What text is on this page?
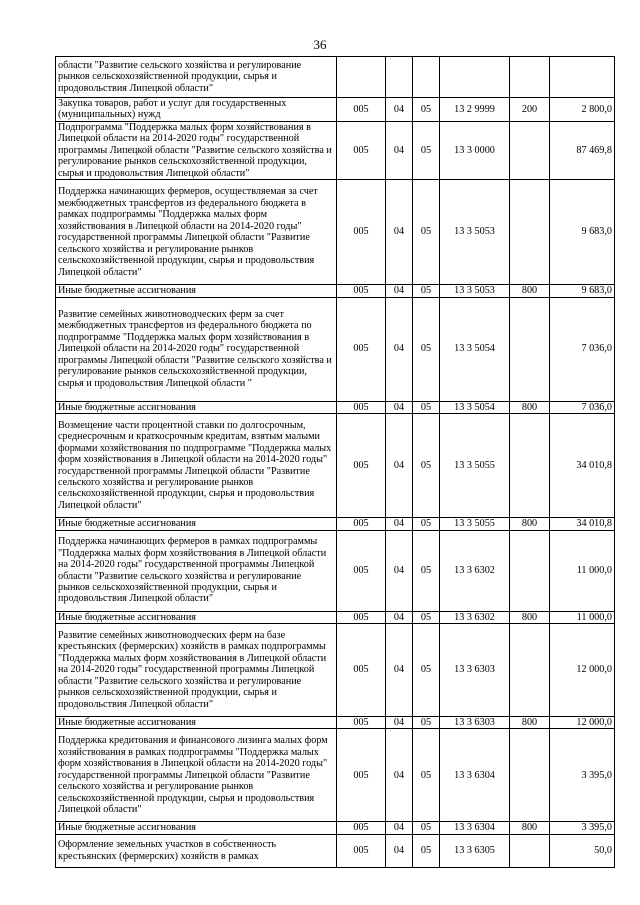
36
области "Развитие сельского хозяйства и регулирование рынков сельскохозяйственной продукции, сырья и продовольствия Липецкой области"						
Закупка товаров, работ и услуг для государственных (муниципальных) нужд	005	04	05	13 2 9999	200	2 800,0
Подпрограмма "Поддержка малых форм хозяйствования в Липецкой области на 2014-2020 годы" государственной программы Липецкой области "Развитие сельского хозяйства и регулирование рынков сельскохозяйственной продукции, сырья и продовольствия Липецкой области"	005	04	05	13 3 0000		87 469,8
Поддержка начинающих фермеров, осуществляемая за счет межбюджетных трансфертов из федерального бюджета в рамках подпрограммы "Поддержка малых форм хозяйствования в Липецкой области на 2014-2020 годы" государственной программы Липецкой области "Развитие сельского хозяйства и регулирование рынков сельскохозяйственной продукции, сырья и продовольствия Липецкой области"	005	04	05	13 3 5053		9 683,0
Иные бюджетные ассигнования	005	04	05	13 3 5053	800	9 683,0
Развитие семейных животноводческих ферм за счет межбюджетных трансфертов из федерального бюджета по подпрограмме "Поддержка малых форм хозяйствования в Липецкой области на 2014-2020 годы" государственной программы Липецкой области "Развитие сельского хозяйства и регулирование рынков сельскохозяйственной продукции, сырья и продовольствия Липецкой области "	005	04	05	13 3 5054		7 036,0
Иные бюджетные ассигнования	005	04	05	13 3 5054	800	7 036,0
Возмещение части процентной ставки по долгосрочным, среднесрочным и краткосрочным кредитам, взятым малыми формами хозяйствования по подпрограмме "Поддержка малых форм хозяйствования в Липецкой области на 2014-2020 годы" государственной программы Липецкой области "Развитие сельского хозяйства и регулирование рынков сельскохозяйственной продукции, сырья и продовольствия Липецкой области"	005	04	05	13 3 5055		34 010,8
Иные бюджетные ассигнования	005	04	05	13 3 5055	800	34 010,8
Поддержка начинающих фермеров в рамках подпрограммы "Поддержка малых форм хозяйствования в Липецкой области на 2014-2020 годы" государственной программы Липецкой области "Развитие сельского хозяйства и регулирование рынков сельскохозяйственной продукции, сырья и продовольствия Липецкой области"	005	04	05	13 3 6302		11 000,0
Иные бюджетные ассигнования	005	04	05	13 3 6302	800	11 000,0
Развитие семейных животноводческих ферм на базе крестьянских (фермерских) хозяйств в рамках подпрограммы "Поддержка малых форм хозяйствования в Липецкой области на 2014-2020 годы" государственной программы Липецкой области "Развитие сельского хозяйства и регулирование рынков сельскохозяйственной продукции, сырья и продовольствия Липецкой области"	005	04	05	13 3 6303		12 000,0
Иные бюджетные ассигнования	005	04	05	13 3 6303	800	12 000,0
Поддержка кредитования и финансового лизинга малых форм хозяйствования в рамках подпрограммы "Поддержка малых форм хозяйствования в Липецкой области на 2014-2020 годы" государственной программы Липецкой области "Развитие сельского хозяйства и регулирование рынков сельскохозяйственной продукции, сырья и продовольствия Липецкой области"	005	04	05	13 3 6304		3 395,0
Иные бюджетные ассигнования	005	04	05	13 3 6304	800	3 395,0
Оформление земельных участков в собственность крестьянских (фермерских) хозяйств в рамках	005	04	05	13 3 6305		50,0
